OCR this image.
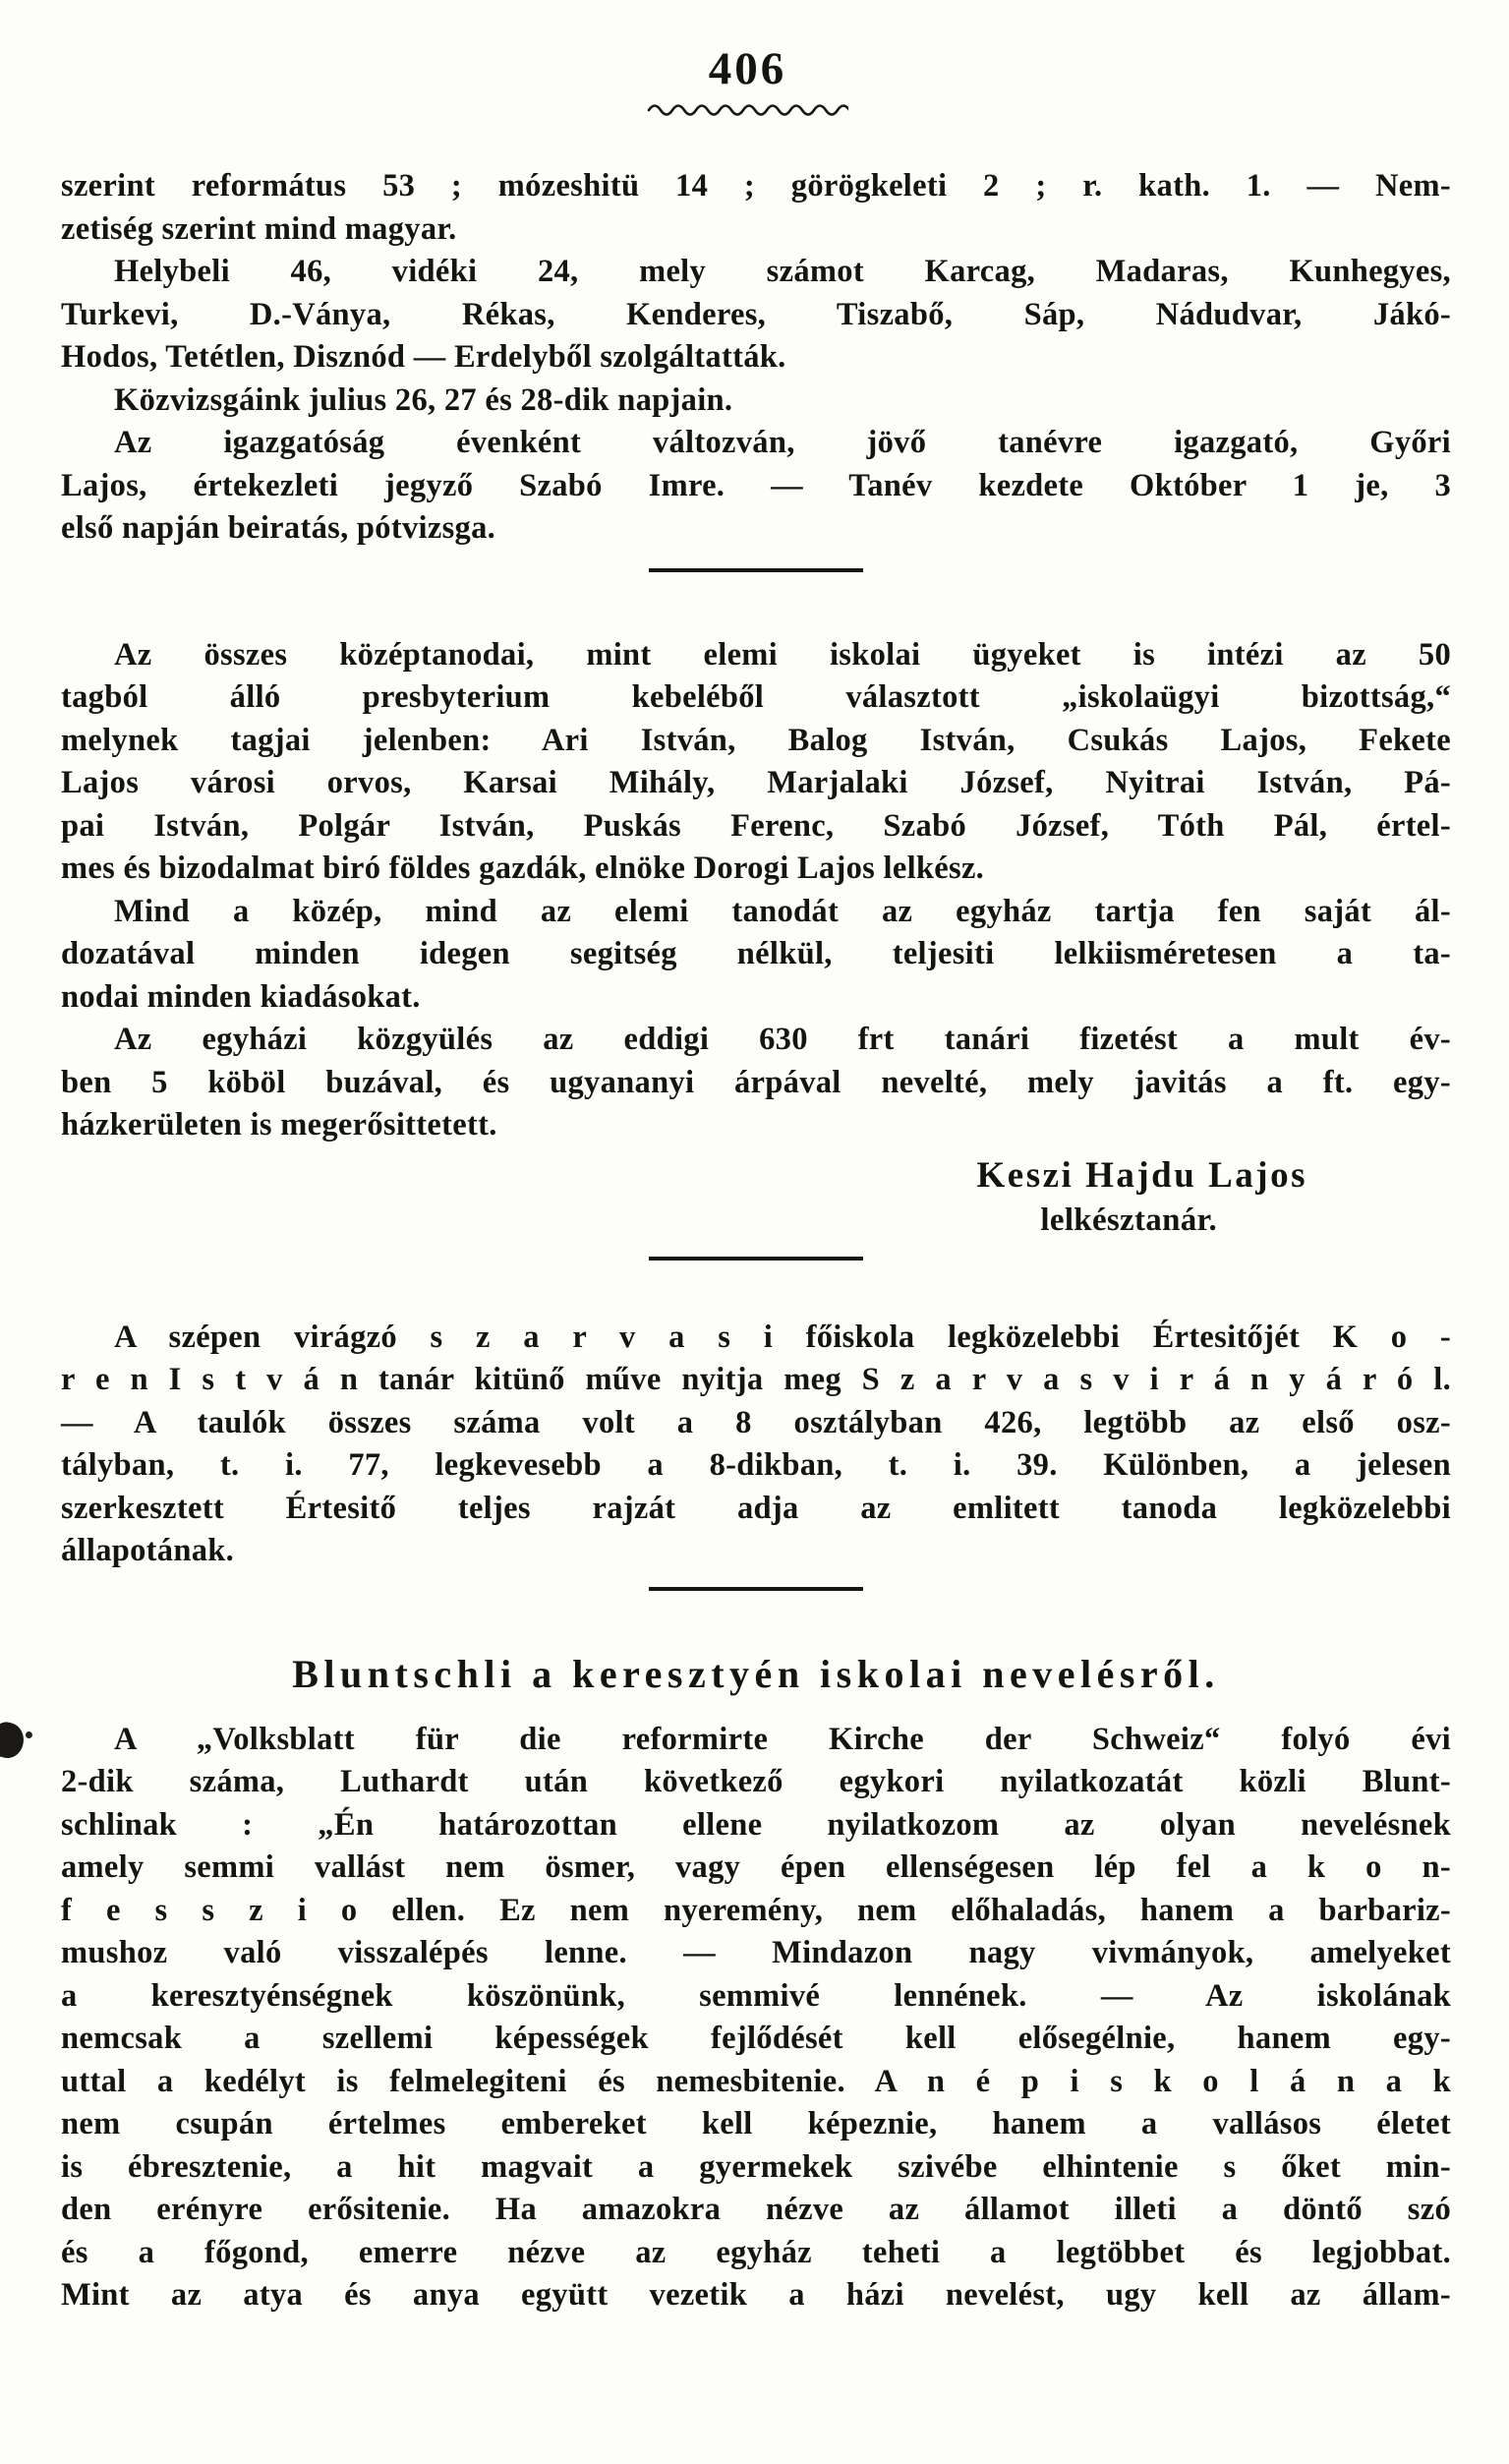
406
szerint református 53 ; mózeshitü 14 ; görögkeleti 2 ; r. kath. 1. — Nem-
zetiség szerint mind magyar.
Helybeli 46, vidéki 24, mely számot Karcag, Madaras, Kunhegyes,
Turkevi, D.-Ványa, Rékas, Kenderes, Tiszabő, Sáp, Nádudvar, Jákó-
Hodos, Tetétlen, Disznód — Erdelyből szolgáltatták.
Közvizsgáink julius 26, 27 és 28-dik napjain.
Az igazgatóság évenként változván, jövő tanévre igazgató, Győri
Lajos, értekezleti jegyző Szabó Imre. — Tanév kezdete Október 1 je, 3
első napján beiratás, pótvizsga.
Az összes középtanodai, mint elemi iskolai ügyeket is intézi az 50
tagból álló presbyterium kebeléből választott „iskolaügyi bizottság,“
melynek tagjai jelenben: Ari István, Balog István, Csukás Lajos, Fekete
Lajos városi orvos, Karsai Mihály, Marjalaki József, Nyitrai István, Pá-
pai István, Polgár István, Puskás Ferenc, Szabó József, Tóth Pál, értel-
mes és bizodalmat biró földes gazdák, elnöke Dorogi Lajos lelkész.
Mind a közép, mind az elemi tanodát az egyház tartja fen saját ál-
dozatával minden idegen segitség nélkül, teljesiti lelkiisméretesen a ta-
nodai minden kiadásokat.
Az egyházi közgyülés az eddigi 630 frt tanári fizetést a mult év-
ben 5 köböl buzával, és ugyananyi árpával nevelté, mely javitás a ft. egy-
házkerületen is megerősittetett.
Keszi Hajdu Lajos
lelkésztanár.
A szépen virágzó s z a r v a s i főiskola legközelebbi Értesitőjét K o -
r e n I s t v á n tanár kitünő műve nyitja meg S z a r v a s v i r á n y á r ó l.
— A taulók összes száma volt a 8 osztályban 426, legtöbb az első osz-
tályban, t. i. 77, legkevesebb a 8-dikban, t. i. 39. Különben, a jelesen
szerkesztett Értesitő teljes rajzát adja az emlitett tanoda legközelebbi
állapotának.
Bluntschli a keresztyén iskolai nevelésről.
A „Volksblatt für die reformirte Kirche der Schweiz“ folyó évi
2-dik száma, Luthardt után következő egykori nyilatkozatát közli Blunt-
schlinak : „Én határozottan ellene nyilatkozom az olyan nevelésnek
amely semmi vallást nem ösmer, vagy épen ellenségesen lép fel a k o n-
f e s s z i o ellen. Ez nem nyeremény, nem előhaladás, hanem a barbariz-
mushoz való visszalépés lenne. — Mindazon nagy vivmányok, amelyeket
a keresztyénségnek köszönünk, semmivé lennének. — Az iskolának
nemcsak a szellemi képességek fejlődését kell elősegélnie, hanem egy-
uttal a kedélyt is felmelegiteni és nemesbitenie. A n é p i s k o l á n a k
nem csupán értelmes embereket kell képeznie, hanem a vallásos életet
is ébresztenie, a hit magvait a gyermekek szivébe elhintenie s őket min-
den erényre erősitenie. Ha amazokra nézve az államot illeti a döntő szó
és a főgond, emerre nézve az egyház teheti a legtöbbet és legjobbat.
Mint az atya és anya együtt vezetik a házi nevelést, ugy kell az állam-
